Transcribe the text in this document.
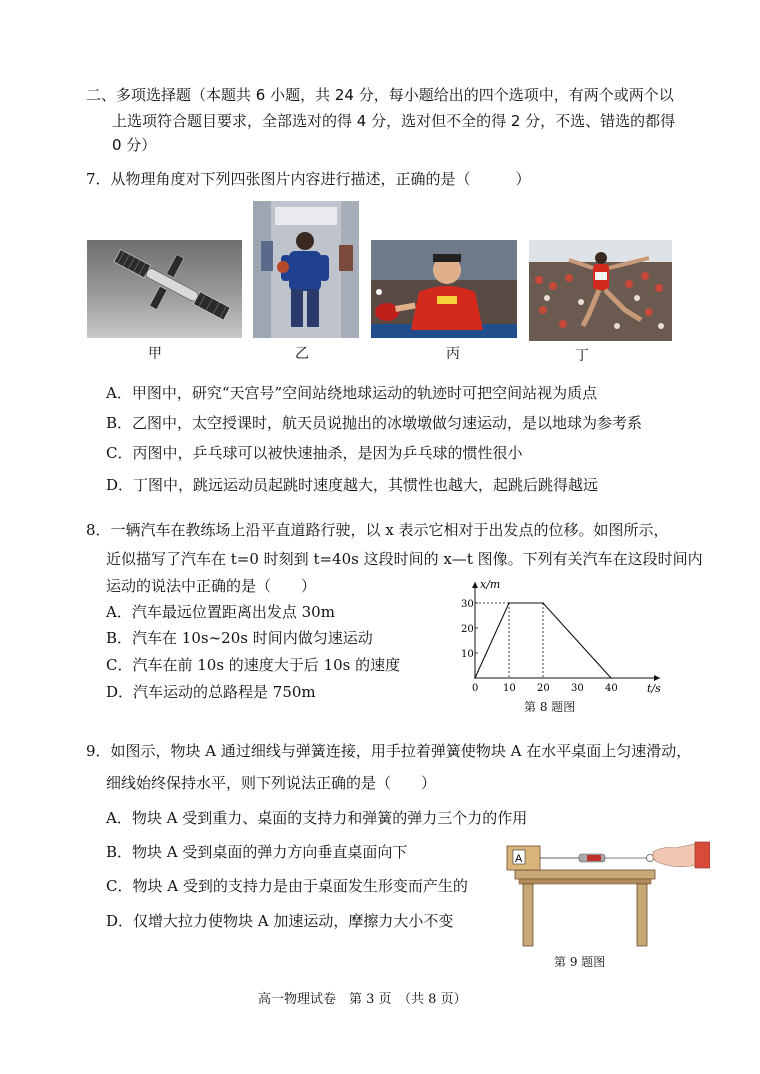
二、多项选择题（本题共 6 小题，共 24 分，每小题给出的四个选项中，有两个或两个以
上选项符合题目要求，全部选对的得 4 分，选对但不全的得 2 分，不选、错选的都得
0 分）
7．从物理角度对下列四张图片内容进行描述，正确的是（　　　）
甲	乙	丙	丁
A．甲图中，研究“天宫号”空间站绕地球运动的轨迹时可把空间站视为质点
B．乙图中，太空授课时，航天员说抛出的冰墩墩做匀速运动，是以地球为参考系
C．丙图中，乒乓球可以被快速抽杀，是因为乒乓球的惯性很小
D．丁图中，跳远运动员起跳时速度越大，其惯性也越大，起跳后跳得越远
8．一辆汽车在教练场上沿平直道路行驶，以 x 表示它相对于出发点的位移。如图所示，
近似描写了汽车在 t=0 时刻到 t=40s 这段时间的 x—t 图像。下列有关汽车在这段时间内
运动的说法中正确的是（　　）
A．汽车最远位置距离出发点 30m
B．汽车在 10s~20s 时间内做匀速运动
C．汽车在前 10s 的速度大于后 10s 的速度
D．汽车运动的总路程是 750m
x/m
t/s
0 10 20 30 40
10
20
30
第 8 题图
9．如图示，物块 A 通过细线与弹簧连接，用手拉着弹簧使物块 A 在水平桌面上匀速滑动，
细线始终保持水平，则下列说法正确的是（　　）
A．物块 A 受到重力、桌面的支持力和弹簧的弹力三个力的作用
B．物块 A 受到桌面的弹力方向垂直桌面向下
C．物块 A 受到的支持力是由于桌面发生形变而产生的
D．仅增大拉力使物块 A 加速运动，摩擦力大小不变
A
第 9 题图
高一物理试卷　第 3 页　（共 8 页）
